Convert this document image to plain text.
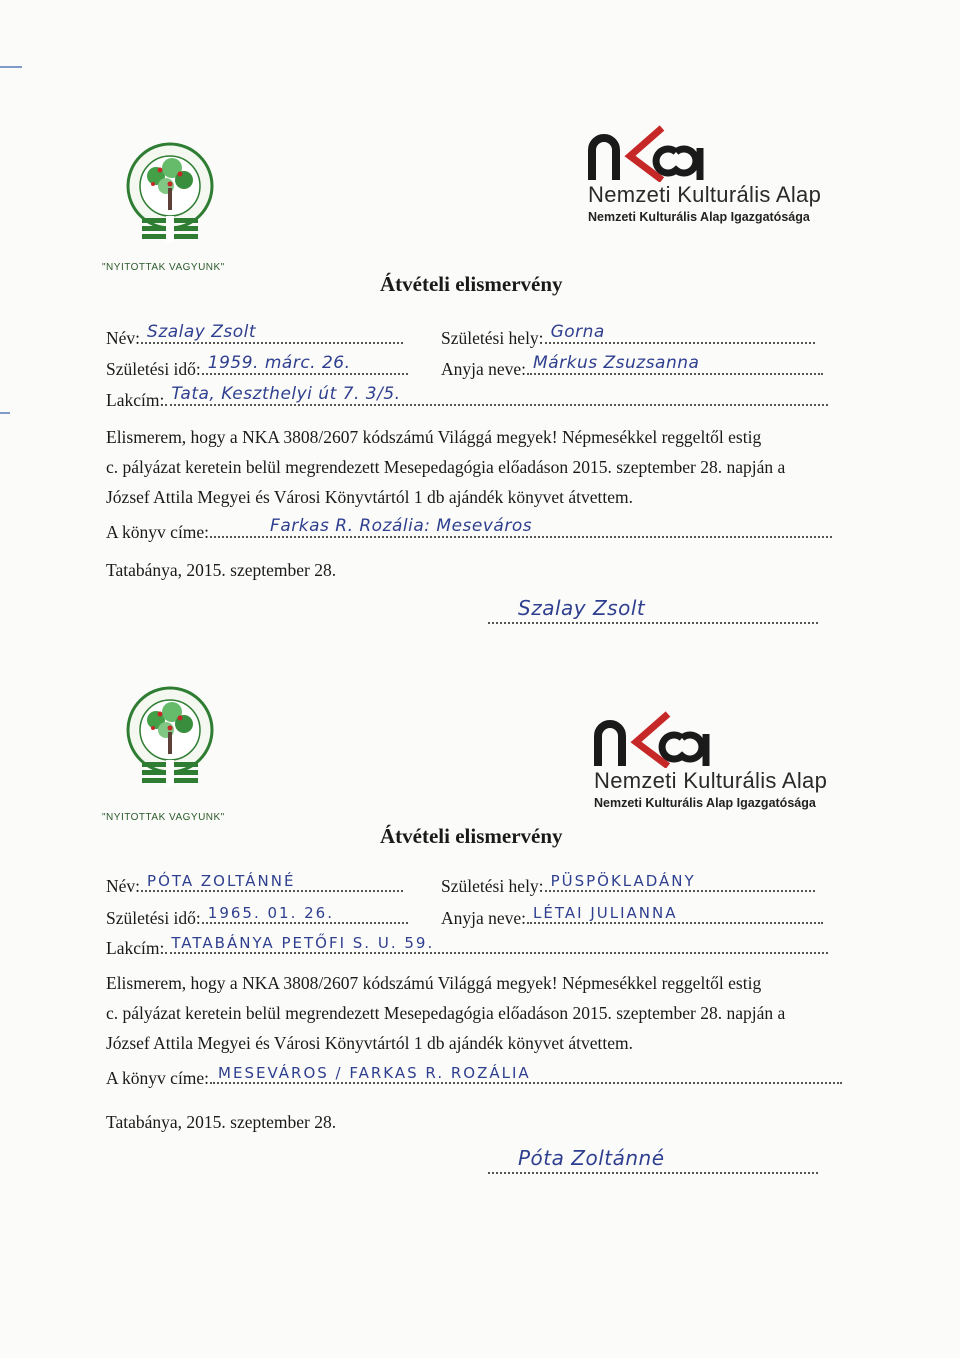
"NYITOTTAK VAGYUNK"
Nemzeti Kulturális Alap
Nemzeti Kulturális Alap Igazgatósága
Átvételi elismervény
Név: Szalay Zsolt	Születési hely: Gorna
Születési idő: 1959. márc. 26.	Anyja neve: Márkus Zsuzsanna
Lakcím: Tata, Keszthelyi út 7. 3/5.

Elismerem, hogy a NKA 3808/2607 kódszámú Világgá megyek! Népmesékkel reggeltől estig

c. pályázat keretein belül megrendezett Mesepedagógia előadáson 2015. szeptember 28. napján a

József Attila Megyei és Városi Könyvtártól 1 db ajándék könyvet átvettem.

A könyv címe:	Farkas R. Rozália: Meseváros
Tatabánya, 2015. szeptember 28.
Szalay Zsolt
"NYITOTTAK VAGYUNK"
Nemzeti Kulturális Alap
Nemzeti Kulturális Alap Igazgatósága
Átvételi elismervény
Név: PÓTA ZOLTÁNNÉ	Születési hely: PÜSPÖKLADÁNY
Születési idő: 1965. 01. 26.	Anyja neve: LÉTAI JULIANNA
Lakcím: TATABÁNYA PETŐFI S. U. 59.

Elismerem, hogy a NKA 3808/2607 kódszámú Világgá megyek! Népmesékkel reggeltől estig

c. pályázat keretein belül megrendezett Mesepedagógia előadáson 2015. szeptember 28. napján a

József Attila Megyei és Városi Könyvtártól 1 db ajándék könyvet átvettem.

A könyv címe: MESEVÁROS / FARKAS R. ROZÁLIA
Tatabánya, 2015. szeptember 28.
Póta Zoltánné
